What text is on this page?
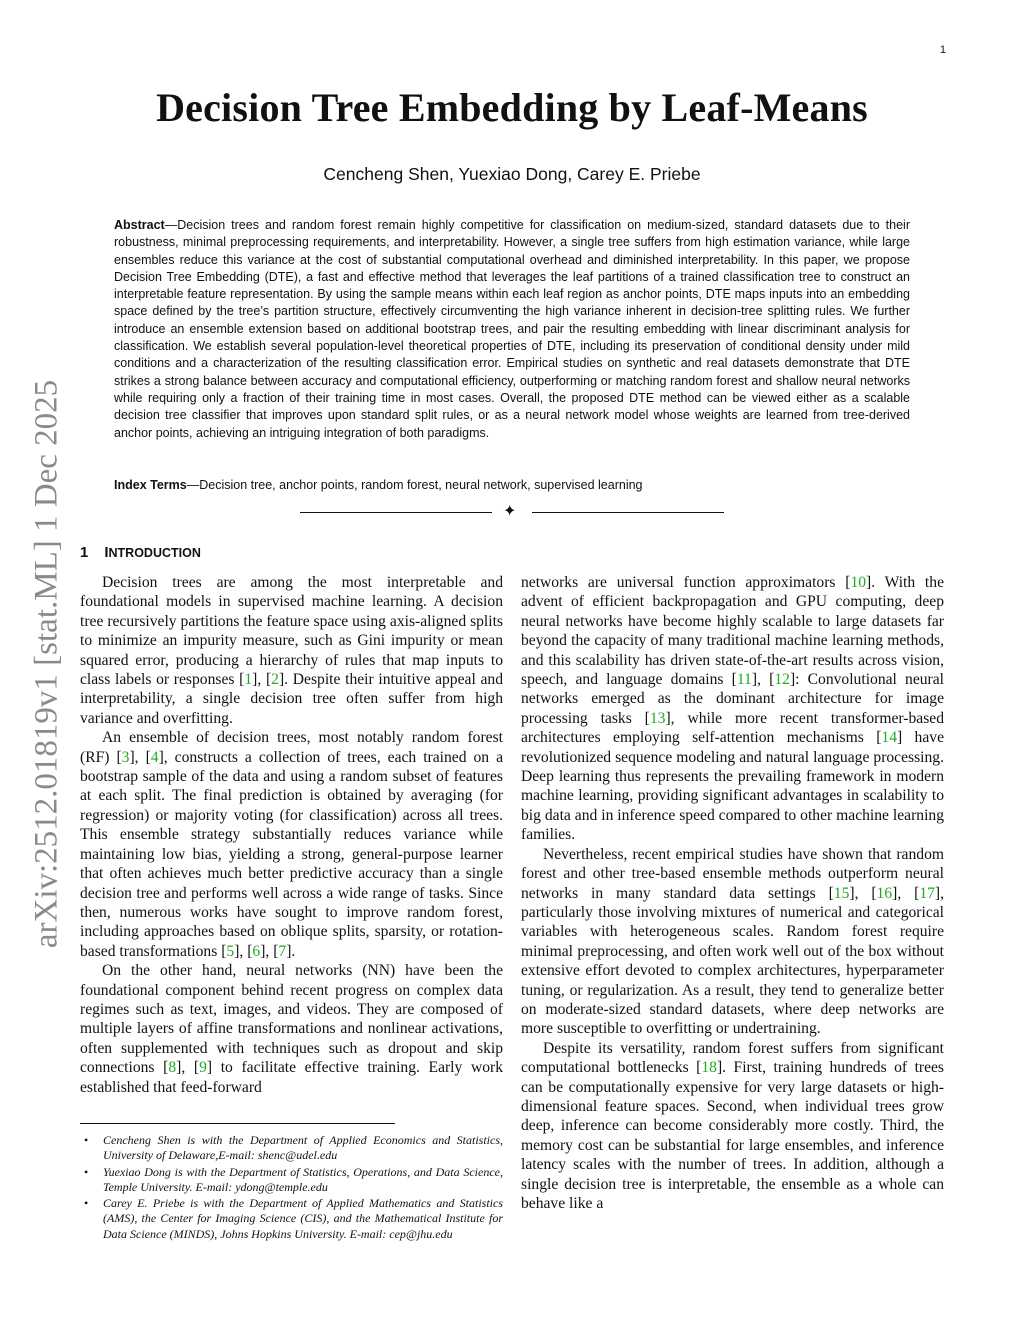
1
Decision Tree Embedding by Leaf-Means
Cencheng Shen, Yuexiao Dong, Carey E. Priebe
Abstract—Decision trees and random forest remain highly competitive for classification on medium-sized, standard datasets due to their robustness, minimal preprocessing requirements, and interpretability. However, a single tree suffers from high estimation variance, while large ensembles reduce this variance at the cost of substantial computational overhead and diminished interpretability. In this paper, we propose Decision Tree Embedding (DTE), a fast and effective method that leverages the leaf partitions of a trained classification tree to construct an interpretable feature representation. By using the sample means within each leaf region as anchor points, DTE maps inputs into an embedding space defined by the tree’s partition structure, effectively circumventing the high variance inherent in decision-tree splitting rules. We further introduce an ensemble extension based on additional bootstrap trees, and pair the resulting embedding with linear discriminant analysis for classification. We establish several population-level theoretical properties of DTE, including its preservation of conditional density under mild conditions and a characterization of the resulting classification error. Empirical studies on synthetic and real datasets demonstrate that DTE strikes a strong balance between accuracy and computational efficiency, outperforming or matching random forest and shallow neural networks while requiring only a fraction of their training time in most cases. Overall, the proposed DTE method can be viewed either as a scalable decision tree classifier that improves upon standard split rules, or as a neural network model whose weights are learned from tree-derived anchor points, achieving an intriguing integration of both paradigms.
Index Terms—Decision tree, anchor points, random forest, neural network, supervised learning
✦
arXiv:2512.01819v1 [stat.ML] 1 Dec 2025 1 INTRODUCTION

Decision trees are among the most interpretable and foundational models in supervised machine learning. A decision tree recursively partitions the feature space using axis-aligned splits to minimize an impurity measure, such as Gini impurity or mean squared error, producing a hierarchy of rules that map inputs to class labels or responses [1], [2]. Despite their intuitive appeal and interpretability, a single decision tree often suffer from high variance and overfitting.

An ensemble of decision trees, most notably random forest (RF) [3], [4], constructs a collection of trees, each trained on a bootstrap sample of the data and using a random subset of features at each split. The final prediction is obtained by averaging (for regression) or majority voting (for classification) across all trees. This ensemble strategy substantially reduces variance while maintaining low bias, yielding a strong, general-purpose learner that often achieves much better predictive accuracy than a single decision tree and performs well across a wide range of tasks. Since then, numerous works have sought to improve random forest, including approaches based on oblique splits, sparsity, or rotation-based transformations [5], [6], [7].

On the other hand, neural networks (NN) have been the foundational component behind recent progress on complex data regimes such as text, images, and videos. They are composed of multiple layers of affine transformations and nonlinear activations, often supplemented with techniques such as dropout and skip connections [8], [9] to facilitate effective training. Early work established that feed-forward

networks are universal function approximators [10]. With the advent of efficient backpropagation and GPU computing, deep neural networks have become highly scalable to large datasets far beyond the capacity of many traditional machine learning methods, and this scalability has driven state-of-the-art results across vision, speech, and language domains [11], [12]: Convolutional neural networks emerged as the dominant architecture for image processing tasks [13], while more recent transformer-based architectures employing self-attention mechanisms [14] have revolutionized sequence modeling and natural language processing. Deep learning thus represents the prevailing framework in modern machine learning, providing significant advantages in scalability to big data and in inference speed compared to other machine learning families.

Nevertheless, recent empirical studies have shown that random forest and other tree-based ensemble methods outperform neural networks in many standard data settings [15], [16], [17], particularly those involving mixtures of numerical and categorical variables with heterogeneous scales. Random forest require minimal preprocessing, and often work well out of the box without extensive effort devoted to complex architectures, hyperparameter tuning, or regularization. As a result, they tend to generalize better on moderate-sized standard datasets, where deep networks are more susceptible to overfitting or undertraining.

Despite its versatility, random forest suffers from significant computational bottlenecks [18]. First, training hundreds of trees can be computationally expensive for very large datasets or high-dimensional feature spaces. Second, when individual trees grow deep, inference can become considerably more costly. Third, the memory cost can be substantial for large ensembles, and inference latency scales with the number of trees. In addition, although a single decision tree is interpretable, the ensemble as a whole can behave like a

• Cencheng Shen is with the Department of Applied Economics and Statistics, University of Delaware,E-mail: shenc@udel.edu

• Yuexiao Dong is with the Department of Statistics, Operations, and Data Science, Temple University. E-mail: ydong@temple.edu

• Carey E. Priebe is with the Department of Applied Mathematics and Statistics (AMS), the Center for Imaging Science (CIS), and the Mathematical Institute for Data Science (MINDS), Johns Hopkins University. E-mail: cep@jhu.edu
